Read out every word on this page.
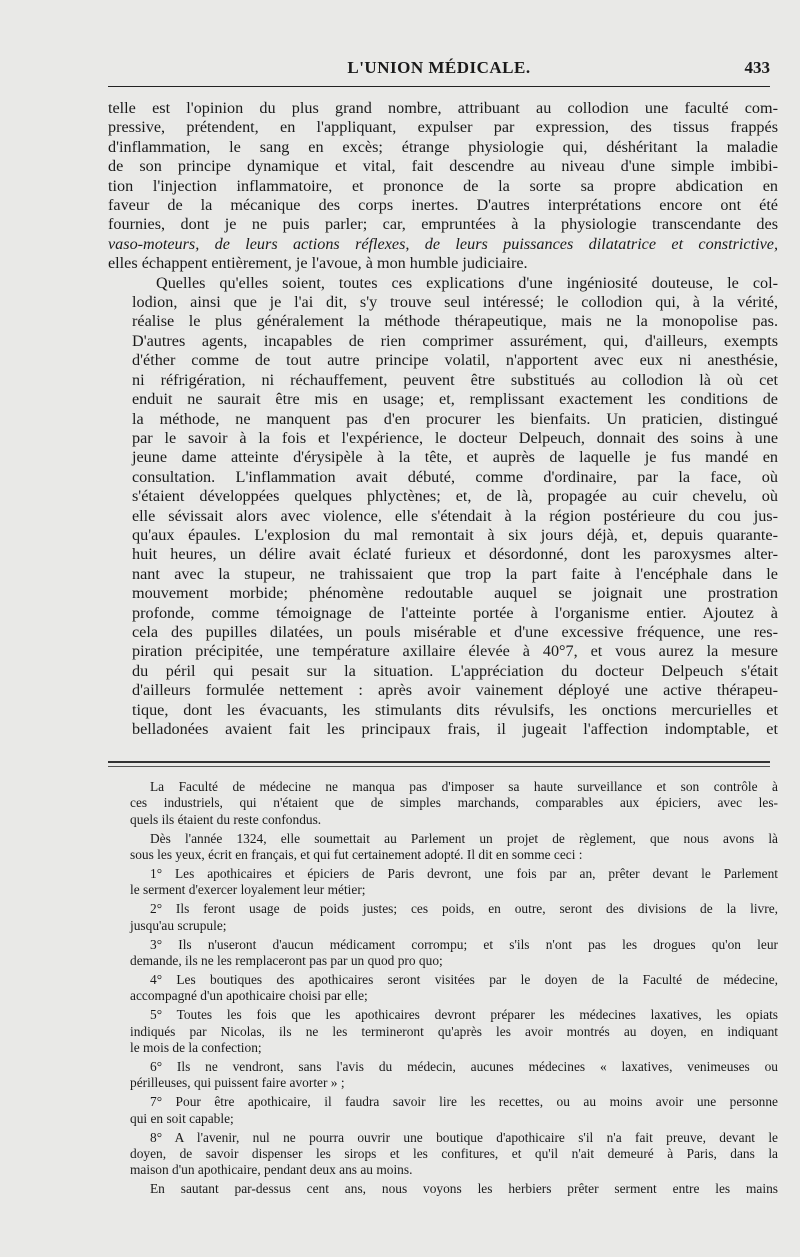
L'UNION MÉDICALE.	433

telle est l'opinion du plus grand nombre, attribuant au collodion une faculté com-
pressive, prétendent, en l'appliquant, expulser par expression, des tissus frappés
d'inflammation, le sang en excès; étrange physiologie qui, déshéritant la maladie
de son principe dynamique et vital, fait descendre au niveau d'une simple imbibi-
tion l'injection inflammatoire, et prononce de la sorte sa propre abdication en
faveur de la mécanique des corps inertes. D'autres interprétations encore ont été
fournies, dont je ne puis parler; car, empruntées à la physiologie transcendante des
vaso-moteurs, de leurs actions réflexes, de leurs puissances dilatatrice et constrictive,
elles échappent entièrement, je l'avoue, à mon humble judiciaire.

Quelles qu'elles soient, toutes ces explications d'une ingéniosité douteuse, le col-
lodion, ainsi que je l'ai dit, s'y trouve seul intéressé; le collodion qui, à la vérité,
réalise le plus généralement la méthode thérapeutique, mais ne la monopolise pas.
D'autres agents, incapables de rien comprimer assurément, qui, d'ailleurs, exempts
d'éther comme de tout autre principe volatil, n'apportent avec eux ni anesthésie,
ni réfrigération, ni réchauffement, peuvent être substitués au collodion là où cet
enduit ne saurait être mis en usage; et, remplissant exactement les conditions de
la méthode, ne manquent pas d'en procurer les bienfaits. Un praticien, distingué
par le savoir à la fois et l'expérience, le docteur Delpeuch, donnait des soins à une
jeune dame atteinte d'érysipèle à la tête, et auprès de laquelle je fus mandé en
consultation. L'inflammation avait débuté, comme d'ordinaire, par la face, où
s'étaient développées quelques phlyctènes; et, de là, propagée au cuir chevelu, où
elle sévissait alors avec violence, elle s'étendait à la région postérieure du cou jus-
qu'aux épaules. L'explosion du mal remontait à six jours déjà, et, depuis quarante-
huit heures, un délire avait éclaté furieux et désordonné, dont les paroxysmes alter-
nant avec la stupeur, ne trahissaient que trop la part faite à l'encéphale dans le
mouvement morbide; phénomène redoutable auquel se joignait une prostration
profonde, comme témoignage de l'atteinte portée à l'organisme entier. Ajoutez à
cela des pupilles dilatées, un pouls misérable et d'une excessive fréquence, une res-
piration précipitée, une température axillaire élevée à 40°7, et vous aurez la mesure
du péril qui pesait sur la situation. L'appréciation du docteur Delpeuch s'était
d'ailleurs formulée nettement : après avoir vainement déployé une active thérapeu-
tique, dont les évacuants, les stimulants dits révulsifs, les onctions mercurielles et
belladonées avaient fait les principaux frais, il jugeait l'affection indomptable, et

La Faculté de médecine ne manqua pas d'imposer sa haute surveillance et son contrôle à
ces industriels, qui n'étaient que de simples marchands, comparables aux épiciers, avec les-
quels ils étaient du reste confondus.

Dès l'année 1324, elle soumettait au Parlement un projet de règlement, que nous avons là
sous les yeux, écrit en français, et qui fut certainement adopté. Il dit en somme ceci :

1° Les apothicaires et épiciers de Paris devront, une fois par an, prêter devant le Parlement
le serment d'exercer loyalement leur métier;

2° Ils feront usage de poids justes; ces poids, en outre, seront des divisions de la livre,
jusqu'au scrupule;

3° Ils n'useront d'aucun médicament corrompu; et s'ils n'ont pas les drogues qu'on leur
demande, ils ne les remplaceront pas par un quod pro quo;

4° Les boutiques des apothicaires seront visitées par le doyen de la Faculté de médecine,
accompagné d'un apothicaire choisi par elle;

5° Toutes les fois que les apothicaires devront préparer les médecines laxatives, les opiats
indiqués par Nicolas, ils ne les termineront qu'après les avoir montrés au doyen, en indiquant
le mois de la confection;

6° Ils ne vendront, sans l'avis du médecin, aucunes médecines « laxatives, venimeuses ou
périlleuses, qui puissent faire avorter » ;

7° Pour être apothicaire, il faudra savoir lire les recettes, ou au moins avoir une personne
qui en soit capable;

8° A l'avenir, nul ne pourra ouvrir une boutique d'apothicaire s'il n'a fait preuve, devant le
doyen, de savoir dispenser les sirops et les confitures, et qu'il n'ait demeuré à Paris, dans la
maison d'un apothicaire, pendant deux ans au moins.

En sautant par-dessus cent ans, nous voyons les herbiers prêter serment entre les mains
